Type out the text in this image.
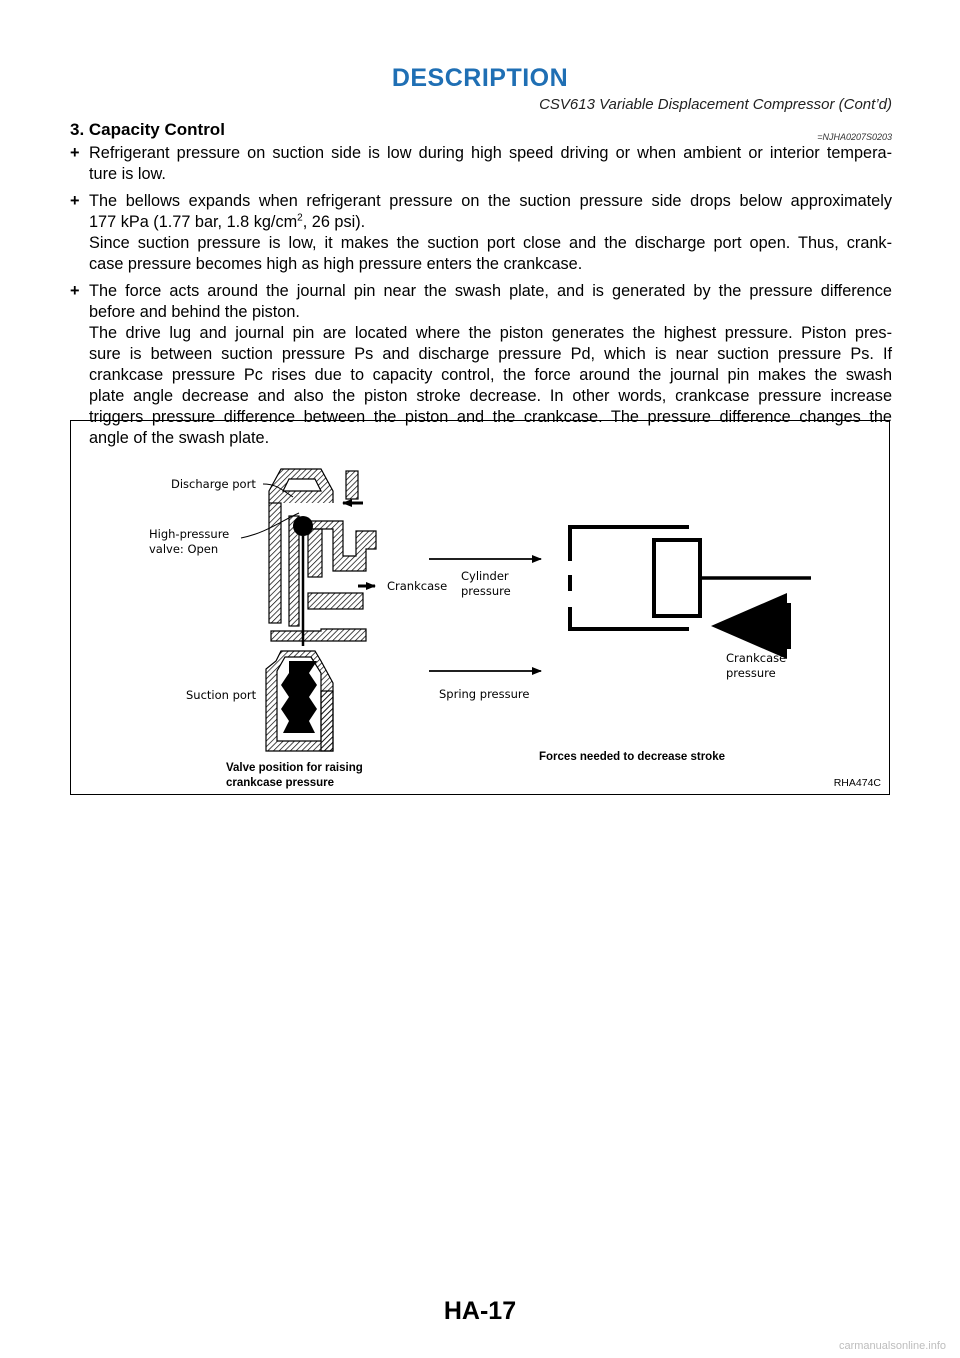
DESCRIPTION
CSV613 Variable Displacement Compressor (Cont’d)
3. Capacity Control	=NJHA0207S0203
+ Refrigerant pressure on suction side is low during high speed driving or when ambient or interior tempera-
ture is low.
+ The bellows expands when refrigerant pressure on the suction pressure side drops below approximately
177 kPa (1.77 bar, 1.8 $kg/cm^2$, 26 psi).
Since suction pressure is low, it makes the suction port close and the discharge port open. Thus, crank-
case pressure becomes high as high pressure enters the crankcase.
+ The force acts around the journal pin near the swash plate, and is generated by the pressure difference
before and behind the piston.
The drive lug and journal pin are located where the piston generates the highest pressure. Piston pres-
sure is between suction pressure Ps and discharge pressure Pd, which is near suction pressure Ps. If
crankcase pressure Pc rises due to capacity control, the force around the journal pin makes the swash
plate angle decrease and also the piston stroke decrease. In other words, crankcase pressure increase
triggers pressure difference between the piston and the crankcase. The pressure difference changes the
angle of the swash plate.
Discharge port
High-pressure
valve: Open
Crankcase
Suction port
Valve position for raising
crankcase pressure
Cylinder
pressure
Spring pressure
Crankcase
pressure
Forces needed to decrease stroke
RHA474C
HA-17
carmanualsonline.info
